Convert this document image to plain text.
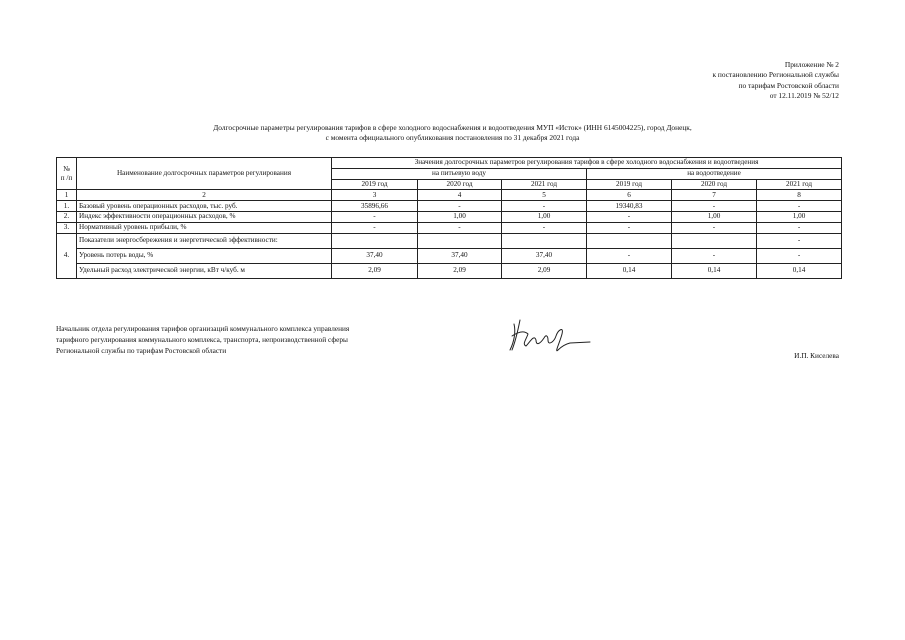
Приложение № 2
к постановлению Региональной службы
по тарифам Ростовской области
от 12.11.2019 № 52/12
Долгосрочные параметры регулирования тарифов в сфере холодного водоснабжения и водоотведения МУП «Исток» (ИНН 6145004225), город Донецк,
с момента официального опубликования постановления по 31 декабря 2021 года
№
п /п	Наименование долгосрочных параметров регулирования	Значения долгосрочных параметров регулирования тарифов в сфере холодного водоснабжения и водоотведения					
		на питьевую воду			на водоотведение		
		2019 год	2020 год	2021 год	2019 год	2020 год	2021 год
1	2	3	4	5	6	7	8
1.	Базовый уровень операционных расходов, тыс. руб.	35896,66	-	-	19340,83	-	-
2.	Индекс эффективности операционных расходов, %	-	1,00	1,00	-	1,00	1,00
3.	Нормативный уровень прибыли, %	-	-	-	-	-	-
4.	Показатели энергосбережения и энергетической эффективности:						-
	Уровень потерь воды, %	37,40	37,40	37,40	-	-	-
	Удельный расход электрической энергии, кВт ч/куб. м	2,09	2,09	2,09	0,14	0,14	0,14
Начальник отдела регулирования тарифов организаций коммунального комплекса управления
тарифного регулирования коммунального комплекса, транспорта, непроизводственной сферы
Региональной службы по тарифам Ростовской области
И.П. Киселева
